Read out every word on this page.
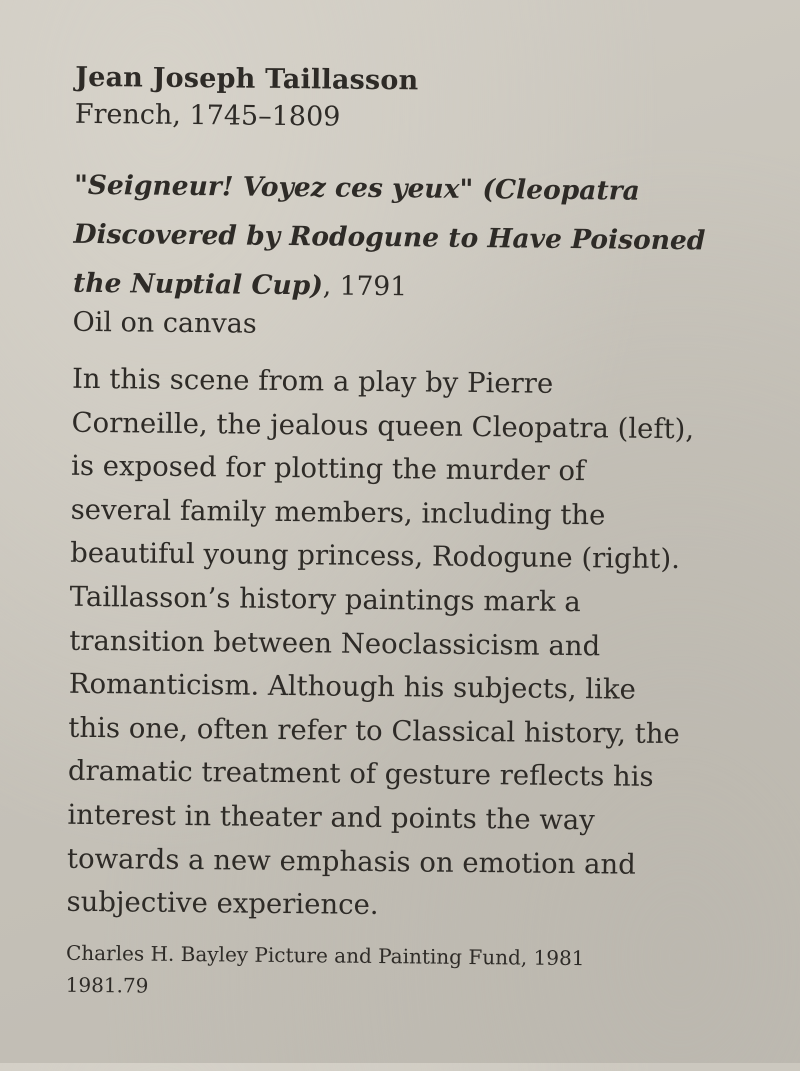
Jean Joseph Taillasson

French, 1745–1809

"Seigneur! Voyez ces yeux" (Cleopatra
Discovered by Rodogune to Have Poisoned
the Nuptial Cup), 1791

Oil on canvas

In this scene from a play by Pierre
Corneille, the jealous queen Cleopatra (left),
is exposed for plotting the murder of
several family members, including the
beautiful young princess, Rodogune (right).
Taillasson’s history paintings mark a
transition between Neoclassicism and
Romanticism. Although his subjects, like
this one, often refer to Classical history, the
dramatic treatment of gesture reflects his
interest in theater and points the way
towards a new emphasis on emotion and
subjective experience.
Charles H. Bayley Picture and Painting Fund, 1981
1981.79
